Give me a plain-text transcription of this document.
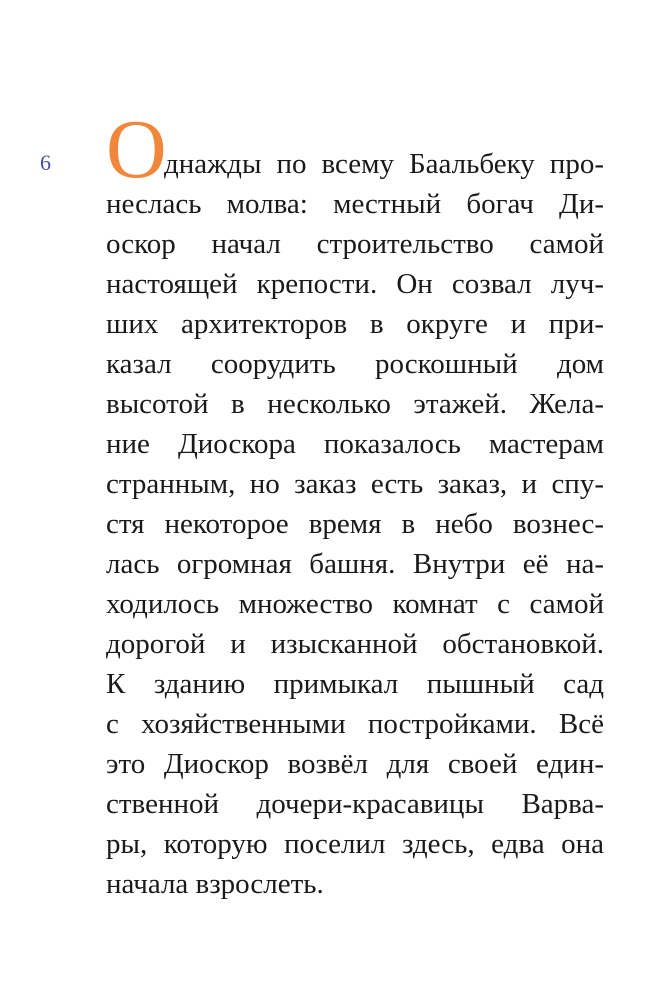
6 О
днажды по всему Баальбеку про-
неслась молва: местный богач Ди-
оскор начал строительство самой
настоящей крепости. Он созвал луч-
ших архитекторов в округе и при-
казал соорудить роскошный дом
высотой в несколько этажей. Жела-
ние Диоскора показалось мастерам
странным, но заказ есть заказ, и спу-
стя некоторое время в небо вознес-
лась огромная башня. Внутри её на-
ходилось множество комнат с самой
дорогой и изысканной обстановкой.
К зданию примыкал пышный сад
с хозяйственными постройками. Всё
это Диоскор возвёл для своей един-
ственной дочери-красавицы Варва-
ры, которую поселил здесь, едва она
начала взрослеть.
